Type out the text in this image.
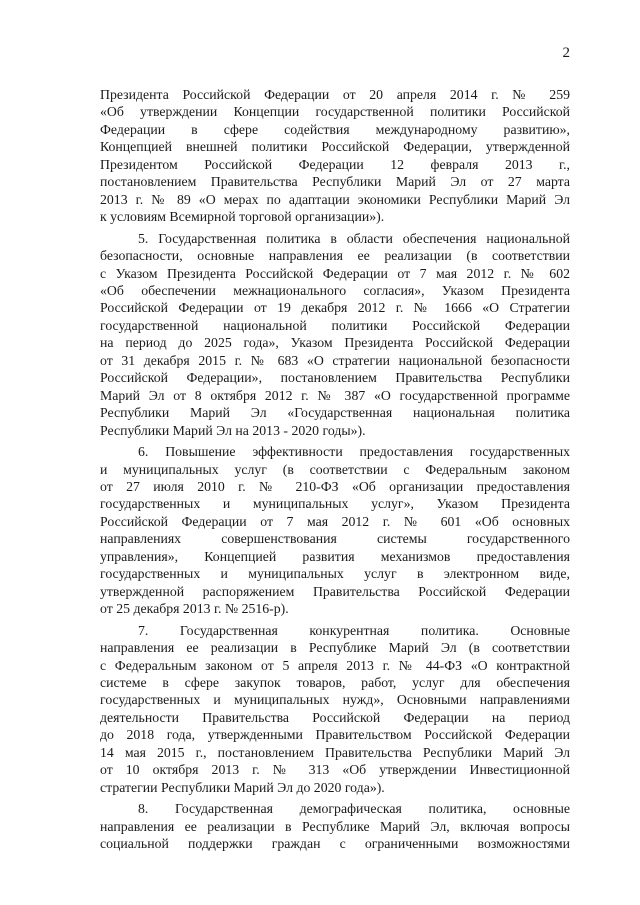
2
Президента Российской Федерации от 20 апреля 2014 г. № 259
«Об утверждении Концепции государственной политики Российской
Федерации в сфере содействия международному развитию»,
Концепцией внешней политики Российской Федерации, утвержденной
Президентом Российской Федерации 12 февраля 2013 г.,
постановлением Правительства Республики Марий Эл от 27 марта
2013 г. № 89 «О мерах по адаптации экономики Республики Марий Эл
к условиям Всемирной торговой организации»).
5. Государственная политика в области обеспечения национальной
безопасности, основные направления ее реализации (в соответствии
с Указом Президента Российской Федерации от 7 мая 2012 г. № 602
«Об обеспечении межнационального согласия», Указом Президента
Российской Федерации от 19 декабря 2012 г. № 1666 «О Стратегии
государственной национальной политики Российской Федерации
на период до 2025 года», Указом Президента Российской Федерации
от 31 декабря 2015 г. № 683 «О стратегии национальной безопасности
Российской Федерации», постановлением Правительства Республики
Марий Эл от 8 октября 2012 г. № 387 «О государственной программе
Республики Марий Эл «Государственная национальная политика
Республики Марий Эл на 2013 - 2020 годы»).
6. Повышение эффективности предоставления государственных
и муниципальных услуг (в соответствии с Федеральным законом
от 27 июля 2010 г. № 210-ФЗ «Об организации предоставления
государственных и муниципальных услуг», Указом Президента
Российской Федерации от 7 мая 2012 г. № 601 «Об основных
направлениях совершенствования системы государственного
управления», Концепцией развития механизмов предоставления
государственных и муниципальных услуг в электронном виде,
утвержденной распоряжением Правительства Российской Федерации
от 25 декабря 2013 г. № 2516-р).
7. Государственная конкурентная политика. Основные
направления ее реализации в Республике Марий Эл (в соответствии
с Федеральным законом от 5 апреля 2013 г. № 44-ФЗ «О контрактной
системе в сфере закупок товаров, работ, услуг для обеспечения
государственных и муниципальных нужд», Основными направлениями
деятельности Правительства Российской Федерации на период
до 2018 года, утвержденными Правительством Российской Федерации
14 мая 2015 г., постановлением Правительства Республики Марий Эл
от 10 октября 2013 г. № 313 «Об утверждении Инвестиционной
стратегии Республики Марий Эл до 2020 года»).
8. Государственная демографическая политика, основные
направления ее реализации в Республике Марий Эл, включая вопросы
социальной поддержки граждан с ограниченными возможностями
